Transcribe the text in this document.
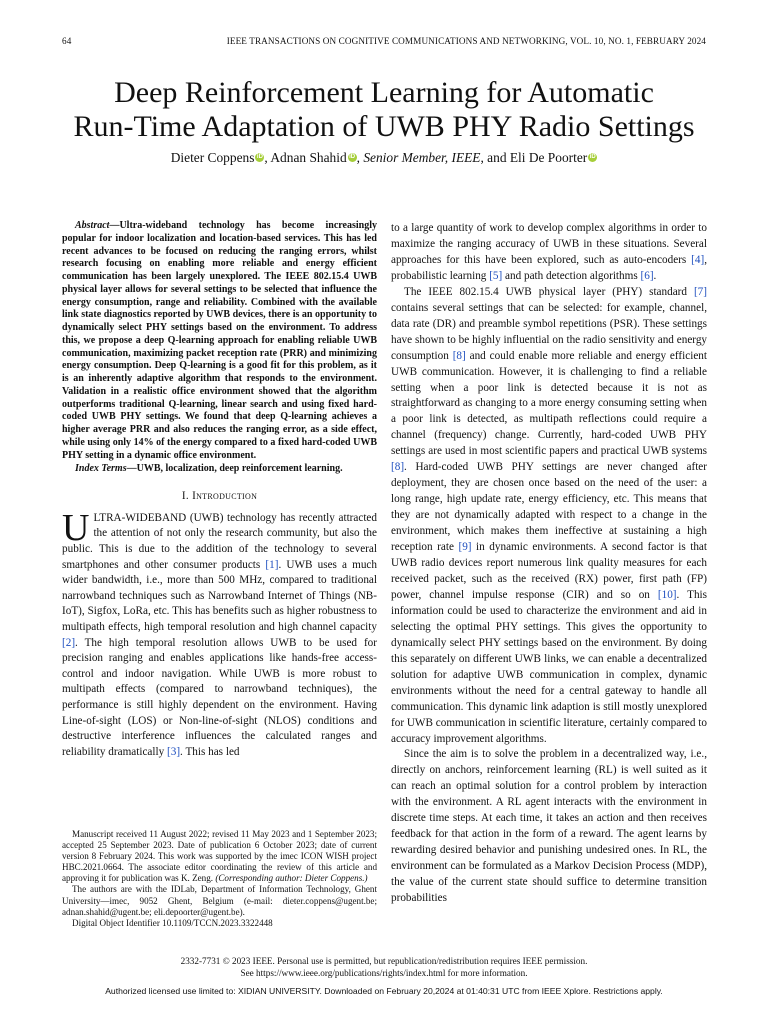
64	IEEE TRANSACTIONS ON COGNITIVE COMMUNICATIONS AND NETWORKING, VOL. 10, NO. 1, FEBRUARY 2024
Deep Reinforcement Learning for Automatic
Run-Time Adaptation of UWB PHY Radio Settings
Dieter Coppens iD , Adnan Shahid iD , Senior Member, IEEE, and Eli De Poorter iD

Abstract—Ultra-wideband technology has become increasingly popular for indoor localization and location-based services. This has led recent advances to be focused on reducing the ranging errors, whilst research focusing on enabling more reliable and energy efficient communication has been largely unexplored. The IEEE 802.15.4 UWB physical layer allows for several settings to be selected that influence the energy consumption, range and reliability. Combined with the available link state diagnostics reported by UWB devices, there is an opportunity to dynamically select PHY settings based on the environment. To address this, we propose a deep Q-learning approach for enabling reliable UWB communication, maximizing packet reception rate (PRR) and minimizing energy consumption. Deep Q-learning is a good fit for this problem, as it is an inherently adaptive algorithm that responds to the environment. Validation in a realistic office environment showed that the algorithm outperforms traditional Q-learning, linear search and using fixed hard-coded UWB PHY settings. We found that deep Q-learning achieves a higher average PRR and also reduces the ranging error, as a side effect, while using only 14% of the energy compared to a fixed hard-coded UWB PHY setting in a dynamic office environment.

Index Terms—UWB, localization, deep reinforcement learning.

I. Introduction

ULTRA-WIDEBAND (UWB) technology has recently attracted the attention of not only the research community, but also the public. This is due to the addition of the technology to several smartphones and other consumer products [1]. UWB uses a much wider bandwidth, i.e., more than 500 MHz, compared to traditional narrowband techniques such as Narrowband Internet of Things (NB-IoT), Sigfox, LoRa, etc. This has benefits such as higher robustness to multipath effects, high temporal resolution and high channel capacity [2]. The high temporal resolution allows UWB to be used for precision ranging and enables applications like hands-free access-control and indoor navigation. While UWB is more robust to multipath effects (compared to narrowband techniques), the performance is still highly dependent on the environment. Having Line-of-sight (LOS) or Non-line-of-sight (NLOS) conditions and destructive interference influences the calculated ranges and reliability dramatically [3]. This has led

to a large quantity of work to develop complex algorithms in order to maximize the ranging accuracy of UWB in these situations. Several approaches for this have been explored, such as auto-encoders [4], probabilistic learning [5] and path detection algorithms [6].

The IEEE 802.15.4 UWB physical layer (PHY) standard [7] contains several settings that can be selected: for example, channel, data rate (DR) and preamble symbol repetitions (PSR). These settings have shown to be highly influential on the radio sensitivity and energy consumption [8] and could enable more reliable and energy efficient UWB communication. However, it is challenging to find a reliable setting when a poor link is detected because it is not as straightforward as changing to a more energy consuming setting when a poor link is detected, as multipath reflections could require a channel (frequency) change. Currently, hard-coded UWB PHY settings are used in most scientific papers and practical UWB systems [8]. Hard-coded UWB PHY settings are never changed after deployment, they are chosen once based on the need of the user: a long range, high update rate, energy efficiency, etc. This means that they are not dynamically adapted with respect to a change in the environment, which makes them ineffective at sustaining a high reception rate [9] in dynamic environments. A second factor is that UWB radio devices report numerous link quality measures for each received packet, such as the received (RX) power, first path (FP) power, channel impulse response (CIR) and so on [10]. This information could be used to characterize the environment and aid in selecting the optimal PHY settings. This gives the opportunity to dynamically select PHY settings based on the environment. By doing this separately on different UWB links, we can enable a decentralized solution for adaptive UWB communication in complex, dynamic environments without the need for a central gateway to handle all communication. This dynamic link adaption is still mostly unexplored for UWB communication in scientific literature, certainly compared to accuracy improvement algorithms.

Since the aim is to solve the problem in a decentralized way, i.e., directly on anchors, reinforcement learning (RL) is well suited as it can reach an optimal solution for a control problem by interaction with the environment. A RL agent interacts with the environment in discrete time steps. At each time, it takes an action and then receives feedback for that action in the form of a reward. The agent learns by rewarding desired behavior and punishing undesired ones. In RL, the environment can be formulated as a Markov Decision Process (MDP), the value of the current state should suffice to determine transition probabilities

Manuscript received 11 August 2022; revised 11 May 2023 and 1 September 2023; accepted 25 September 2023. Date of publication 6 October 2023; date of current version 8 February 2024. This work was supported by the imec ICON WISH project HBC.2021.0664. The associate editor coordinating the review of this article and approving it for publication was K. Zeng. (Corresponding author: Dieter Coppens.)

The authors are with the IDLab, Department of Information Technology, Ghent University—imec, 9052 Ghent, Belgium (e-mail: dieter.coppens@ugent.be; adnan.shahid@ugent.be; eli.depoorter@ugent.be).

Digital Object Identifier 10.1109/TCCN.2023.3322448

2332-7731 © 2023 IEEE. Personal use is permitted, but republication/redistribution requires IEEE permission.
See https://www.ieee.org/publications/rights/index.html for more information.
Authorized licensed use limited to: XIDIAN UNIVERSITY. Downloaded on February 20,2024 at 01:40:31 UTC from IEEE Xplore. Restrictions apply.
